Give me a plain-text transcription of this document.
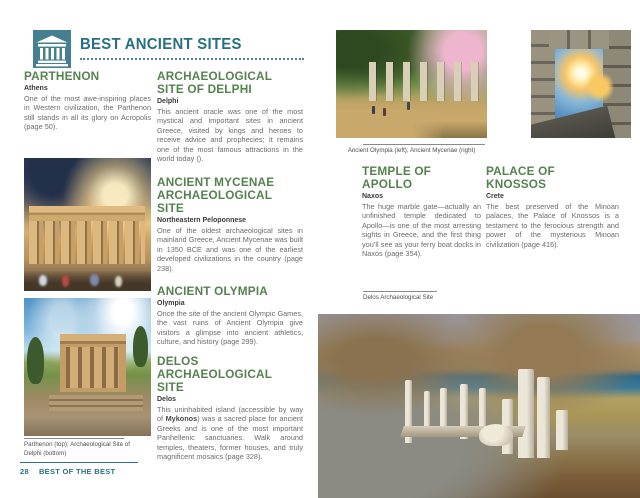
BEST ANCIENT SITES
PARTHENON
Athens

One of the most awe-inspiring places in Western civilization, the Parthenon still stands in all its glory on Acropolis (page 50).

Parthenon (top); Archaeological Site of Delphi (bottom)
28 BEST OF THE BEST
ARCHAEOLOGICAL SITE OF DELPHI
Delphi

This ancient oracle was one of the most mystical and important sites in ancient Greece, visited by kings and heroes to receive advice and prophecies; it remains one of the most famous attractions in the world today ().

ANCIENT MYCENAE ARCHAEOLOGICAL SITE
Northeastern Peloponnese

One of the oldest archaeological sites in mainland Greece, Ancient Mycenae was built in 1350 BCE and was one of the earliest developed civilizations in the country (page 238).

ANCIENT OLYMPIA
Olympia

Once the site of the ancient Olympic Games, the vast ruins of Ancient Olympia give visitors a glimpse into ancient athletics, culture, and history (page 299).

DELOS ARCHAEOLOGICAL SITE
Delos

This uninhabited island (accessible by way of Mykonos) was a sacred place for ancient Greeks and is one of the most important Panhellenic sanctuaries. Walk around temples, theaters, former houses, and truly magnificent mosaics (page 328).

Ancient Olympia (left); Ancient Mycenae (right)
TEMPLE OF APOLLO
Naxos

The huge marble gate—actually an unfinished temple dedicated to Apollo—is one of the most arresting sights in Greece, and the first thing you’ll see as your ferry boat docks in Naxos (page 354).

PALACE OF KNOSSOS
Crete

The best preserved of the Minoan palaces, the Palace of Knossos is a testament to the ferocious strength and power of the mysterious Minoan civilization (page 416).

Delos Archaeological Site
